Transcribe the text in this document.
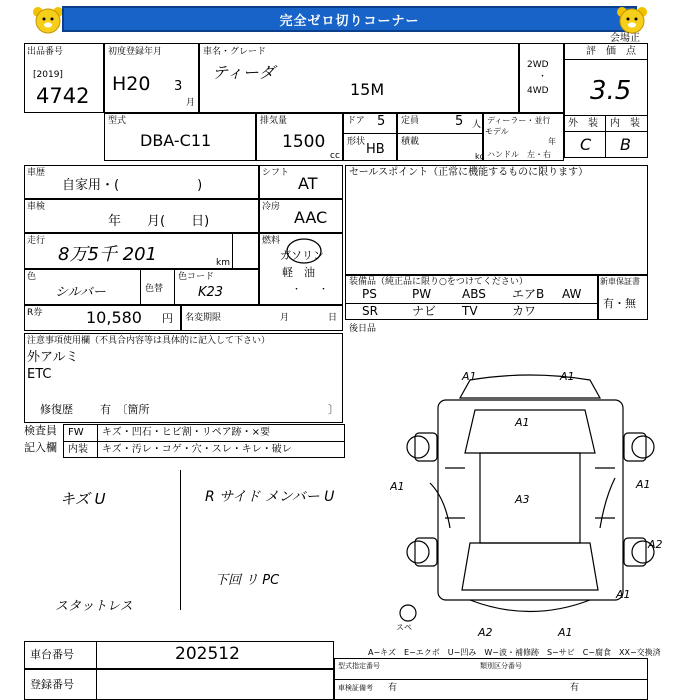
完全ゼロ切りコーナー
会場正
出品番号
[2019]
4742
初度登録年月
H20 3
月
車名・グレード
ティーダ
15M
2WD
・
4WD
評　価　点
3.5
外　装 内　装
C B
型式
DBA-C11
排気量
1500
cc
ドア 5
形状 HB
定員	5 人
積載
kg
ディーラー・並行
モデル
年
ハンドル　左・右
車歴
自家用・(　　　　　　)
シフト
AT
車検
年　　月(　　日)
冷房
AAC
走行
8万5千 201	km
燃料
ガソリン
軽　油
・　　・
色
シルバー	色替
色コード
K23
R券	10,580 円 名変期限	月	日
セールスポイント（正常に機能するものに限ります）
装備品（純正品に限り○をつけてください）
PS	PW	ABS エアB AW
SR	ナビ TV	カワ
新車保証書
有・無
後日品
注意事項使用欄（不具合内容等は具体的に記入して下さい）
外アルミ
ETC
修復歴 有　〔箇所	〕
検査員
記入欄
FW キズ・凹石・ヒビ割・リペア跡・×要
内装 キズ・汚レ・コゲ・穴・スレ・キレ・破レ
キズ U	R サイド メンバー U
下回 リ PC
スタットレス
A1	A1
A1
A1
A3
A1
A2
A1
A2	A1
スペ
A−キズ　E−エクボ　U−凹み　W−波・補修跡　S−サビ　C−腐食　XX−交換済
車台番号	202512
登録番号
型式指定番号	類別区分番号
車検証備考 有	有
